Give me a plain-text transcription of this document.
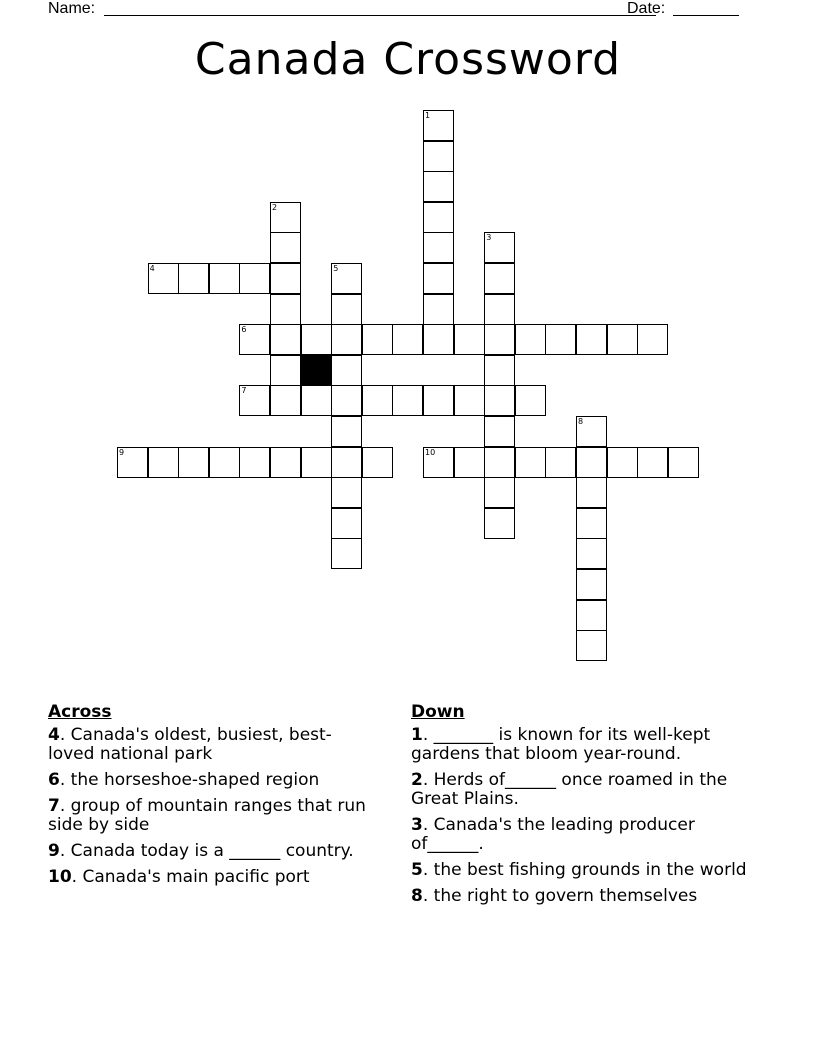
Name:	Date:
Canada Crossword
1
2
3
4	5
6
7
8
9	10
Across
4. Canada's oldest, busiest, best-loved national park
6. the horseshoe-shaped region
7. group of mountain ranges that run side by side
9. Canada today is a ______ country.
10. Canada's main pacific port
Down
1. _______ is known for its well-kept gardens that bloom year-round.
2. Herds of______ once roamed in the Great Plains.
3. Canada's the leading producer of______.
5. the best fishing grounds in the world
8. the right to govern themselves
